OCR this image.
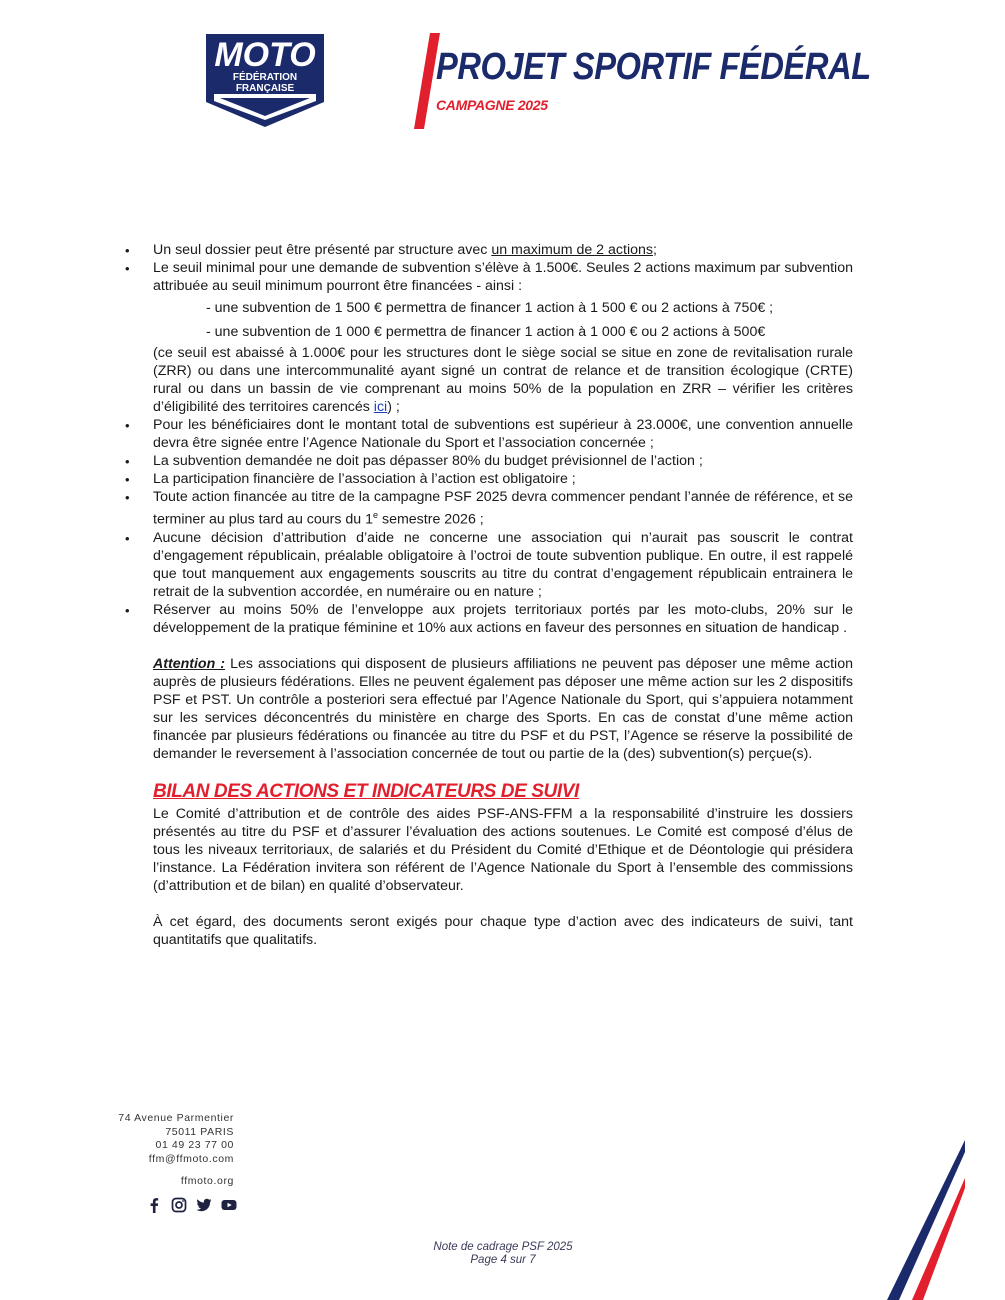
MOTO
FÉDÉRATION
FRANÇAISE
PROJET SPORTIF FÉDÉRAL
CAMPAGNE 2025
• Un seul dossier peut être présenté par structure avec un maximum de 2 actions;
• Le seuil minimal pour une demande de subvention s’élève à 1.500€. Seules 2 actions maximum par subvention attribuée au seuil minimum pourront être financées - ainsi :
- une subvention de 1 500 € permettra de financer 1 action à 1 500 € ou 2 actions à 750€ ;
- une subvention de 1 000 € permettra de financer 1 action à 1 000 € ou 2 actions à 500€
(ce seuil est abaissé à 1.000€ pour les structures dont le siège social se situe en zone de revitalisation rurale (ZRR) ou dans une intercommunalité ayant signé un contrat de relance et de transition écologique (CRTE) rural ou dans un bassin de vie comprenant au moins 50% de la population en ZRR – vérifier les critères d’éligibilité des territoires carencés ici) ;
• Pour les bénéficiaires dont le montant total de subventions est supérieur à 23.000€, une convention annuelle devra être signée entre l’Agence Nationale du Sport et l’association concernée ;
• La subvention demandée ne doit pas dépasser 80% du budget prévisionnel de l’action ;
• La participation financière de l’association à l’action est obligatoire ;
• Toute action financée au titre de la campagne PSF 2025 devra commencer pendant l’année de référence, et se terminer au plus tard au cours du 1e semestre 2026 ;
• Aucune décision d’attribution d’aide ne concerne une association qui n’aurait pas souscrit le contrat d’engagement républicain, préalable obligatoire à l’octroi de toute subvention publique. En outre, il est rappelé que tout manquement aux engagements souscrits au titre du contrat d’engagement républicain entrainera le retrait de la subvention accordée, en numéraire ou en nature ;
• Réserver au moins 50% de l’enveloppe aux projets territoriaux portés par les moto-clubs, 20% sur le développement de la pratique féminine et 10% aux actions en faveur des personnes en situation de handicap .
Attention : Les associations qui disposent de plusieurs affiliations ne peuvent pas déposer une même action auprès de plusieurs fédérations. Elles ne peuvent également pas déposer une même action sur les 2 dispositifs PSF et PST. Un contrôle a posteriori sera effectué par l’Agence Nationale du Sport, qui s’appuiera notamment sur les services déconcentrés du ministère en charge des Sports. En cas de constat d’une même action financée par plusieurs fédérations ou financée au titre du PSF et du PST, l’Agence se réserve la possibilité de demander le reversement à l’association concernée de tout ou partie de la (des) subvention(s) perçue(s).
BILAN DES ACTIONS ET INDICATEURS DE SUIVI
Le Comité d’attribution et de contrôle des aides PSF-ANS-FFM a la responsabilité d’instruire les dossiers présentés au titre du PSF et d’assurer l’évaluation des actions soutenues. Le Comité est composé d’élus de tous les niveaux territoriaux, de salariés et du Président du Comité d’Ethique et de Déontologie qui présidera l’instance. La Fédération invitera son référent de l’Agence Nationale du Sport à l’ensemble des commissions (d’attribution et de bilan) en qualité d’observateur.
À cet égard, des documents seront exigés pour chaque type d’action avec des indicateurs de suivi, tant quantitatifs que qualitatifs.
74 Avenue Parmentier
75011 PARIS
01 49 23 77 00
ffm@ffmoto.com
ffmoto.org
Note de cadrage PSF 2025
Page 4 sur 7
